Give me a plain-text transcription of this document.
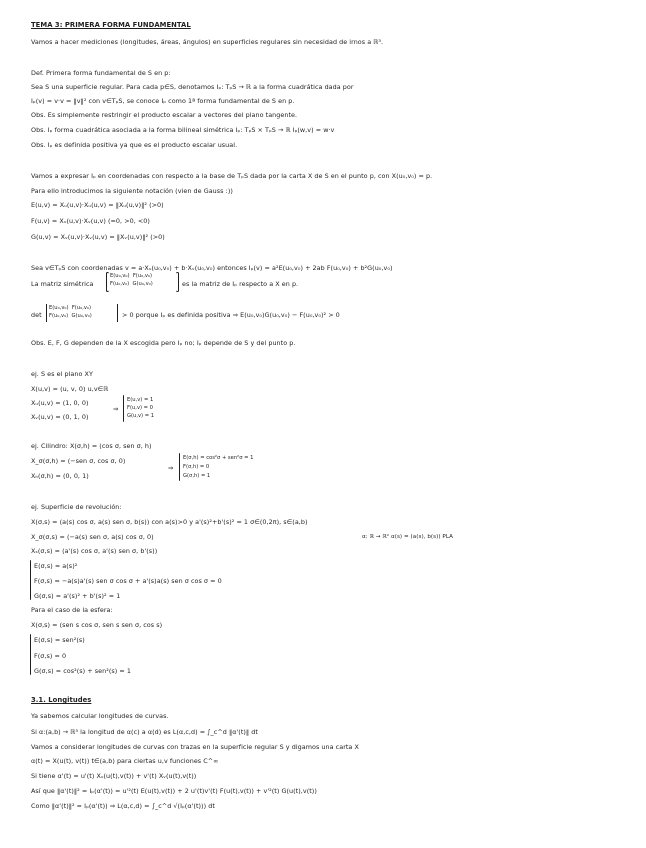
TEMA 3: PRIMERA FORMA FUNDAMENTAL
Vamos a hacer mediciones (longitudes, áreas, ángulos) en superficies regulares sin necesidad de irnos a ℝ³.
Def. Primera forma fundamental de S en p:
Sea S una superficie regular. Para cada p∈S, denotamos Iₚ: TₚS → ℝ a la forma cuadrática dada por
Iₚ(v) = v·v = ‖v‖² con v∈TₚS, se conoce Iₚ como 1ª forma fundamental de S en p.
Obs. Es simplemente restringir el producto escalar a vectores del plano tangente.
Obs. Iₚ forma cuadrática asociada a la forma bilineal simétrica Iₚ: TₚS × TₚS → ℝ Iₚ(w,v) = w·v
Obs. Iₚ es definida positiva ya que es el producto escalar usual.
Vamos a expresar Iₚ en coordenadas con respecto a la base de TₚS dada por la carta X de S en el punto p, con X(u₀,v₀) = p.
Para ello introducimos la siguiente notación (vien de Gauss :))
E(u,v) = Xᵤ(u,v)·Xᵤ(u,v) = ‖Xᵤ(u,v)‖² (>0)
F(u,v) = Xᵤ(u,v)·Xᵥ(u,v) (=0, >0, <0)
G(u,v) = Xᵥ(u,v)·Xᵥ(u,v) = ‖Xᵥ(u,v)‖² (>0)
Sea v∈TₚS con coordenadas v = a·Xᵤ(u₀,v₀) + b·Xᵥ(u₀,v₀) entonces Iₚ(v) = a²E(u₀,v₀) + 2ab F(u₀,v₀) + b²G(u₀,v₀)
La matriz simétrica
E(u₀,v₀) F(u₀,v₀)
F(u₀,v₀) G(u₀,v₀)	es la matriz de Iₚ respecto a X en p.
det
E(u₀,v₀) F(u₀,v₀)
F(u₀,v₀) G(u₀,v₀)	> 0 porque Iₚ es definida positiva ⇒ E(u₀,v₀)G(u₀,v₀) − F(u₀,v₀)² > 0
Obs. E, F, G dependen de la X escogida pero Iₚ no; Iₚ depende de S y del punto p.
ej. S es el plano XY
X(u,v) = (u, v, 0) u,v∈ℝ
Xᵤ(u,v) = (1, 0, 0)
Xᵥ(u,v) = (0, 1, 0)
⇒
E(u,v) = 1
F(u,v) = 0
G(u,v) = 1
ej. Cilindro: X(σ,h) = (cos σ, sen σ, h)
X_σ(σ,h) = (−sen σ, cos σ, 0)
Xₕ(σ,h) = (0, 0, 1)
⇒
E(σ,h) = cos²σ + sen²σ = 1
F(σ,h) = 0
G(σ,h) = 1
ej. Superficie de revolución:
X(σ,s) = (a(s) cos σ, a(s) sen σ, b(s)) con a(s)>0 y a'(s)²+b'(s)² = 1 σ∈(0,2π), s∈(a,b)
X_σ(σ,s) = (−a(s) sen σ, a(s) cos σ, 0)	α: ℝ → ℝ² α(s) = (a(s), b(s)) PLA
Xₛ(σ,s) = (a'(s) cos σ, a'(s) sen σ, b'(s))
E(σ,s) = a(s)²
F(σ,s) = −a(s)a'(s) sen σ cos σ + a'(s)a(s) sen σ cos σ = 0
G(σ,s) = a'(s)² + b'(s)² = 1
Para el caso de la esfera:
X(σ,s) = (sen s cos σ, sen s sen σ, cos s)
E(σ,s) = sen²(s)
F(σ,s) = 0
G(σ,s) = cos²(s) + sen²(s) = 1
3.1. Longitudes
Ya sabemos calcular longitudes de curvas.
Si α:(a,b) → ℝ³ la longitud de α(c) a α(d) es L(α,c,d) = ∫_c^d ‖α'(t)‖ dt
Vamos a considerar longitudes de curvas con trazas en la superficie regular S y digamos una carta X
α(t) = X(u(t), v(t)) t∈(a,b) para ciertas u,v funciones C^∞
Si tiene α'(t) = u'(t) Xᵤ(u(t),v(t)) + v'(t) Xᵥ(u(t),v(t))
Así que ‖α'(t)‖² = Iₚ(α'(t)) = u'²(t) E(u(t),v(t)) + 2 u'(t)v'(t) F(u(t),v(t)) + v'²(t) G(u(t),v(t))
Como ‖α'(t)‖² = Iₚ(α'(t)) ⇒ L(α,c,d) = ∫_c^d √(Iₚ(α'(t))) dt
